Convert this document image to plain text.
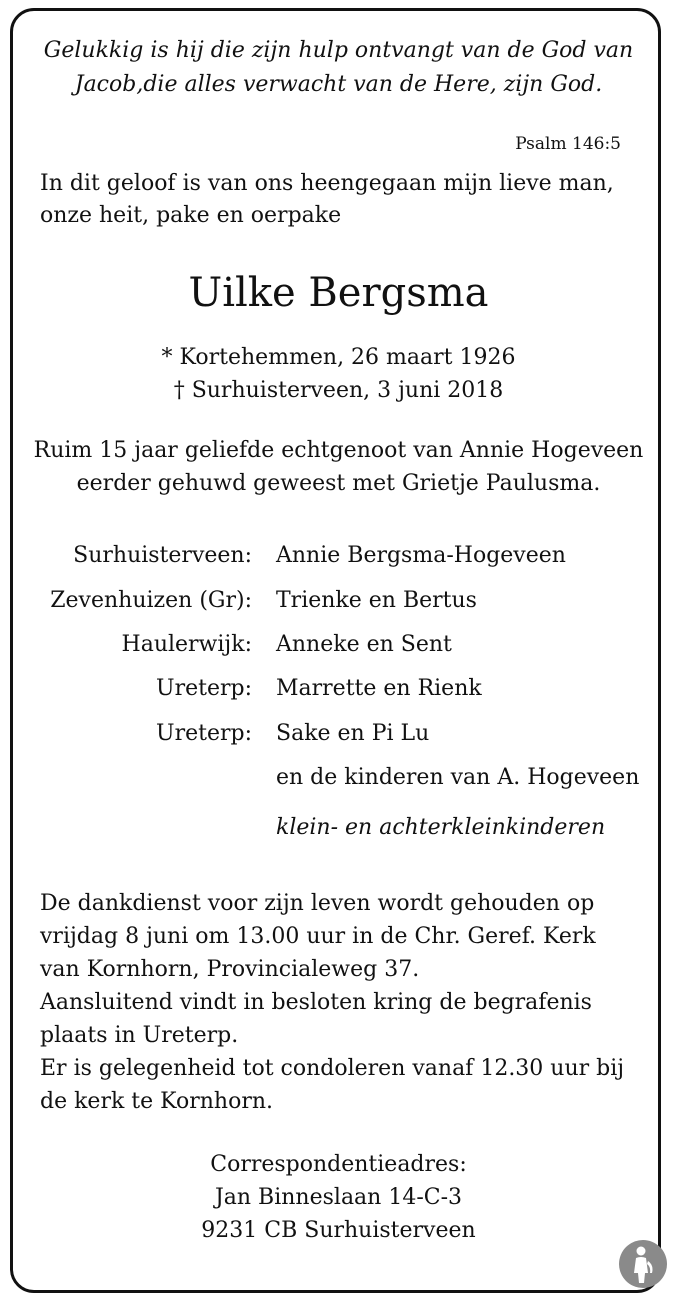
Gelukkig is hij die zijn hulp ontvangt van de God van

Jacob,die alles verwacht van de Here, zijn God.

Psalm 146:5

In dit geloof is van ons heengegaan mijn lieve man,

onze heit, pake en oerpake

Uilke Bergsma

* Kortehemmen, 26 maart 1926

† Surhuisterveen, 3 juni 2018

Ruim 15 jaar geliefde echtgenoot van Annie Hogeveen

eerder gehuwd geweest met Grietje Paulusma.

Surhuisterveen: Annie Bergsma-Hogeveen
Zevenhuizen (Gr): Trienke en Bertus
Haulerwijk: Anneke en Sent
Ureterp: Marrette en Rienk
Ureterp: Sake en Pi Lu
en de kinderen van A. Hogeveen
klein- en achterkleinkinderen

De dankdienst voor zijn leven wordt gehouden op

vrijdag 8 juni om 13.00 uur in de Chr. Geref. Kerk

van Kornhorn, Provincialeweg 37.

Aansluitend vindt in besloten kring de begrafenis

plaats in Ureterp.

Er is gelegenheid tot condoleren vanaf 12.30 uur bij

de kerk te Kornhorn.

Correspondentieadres:

Jan Binneslaan 14-C-3

9231 CB Surhuisterveen
